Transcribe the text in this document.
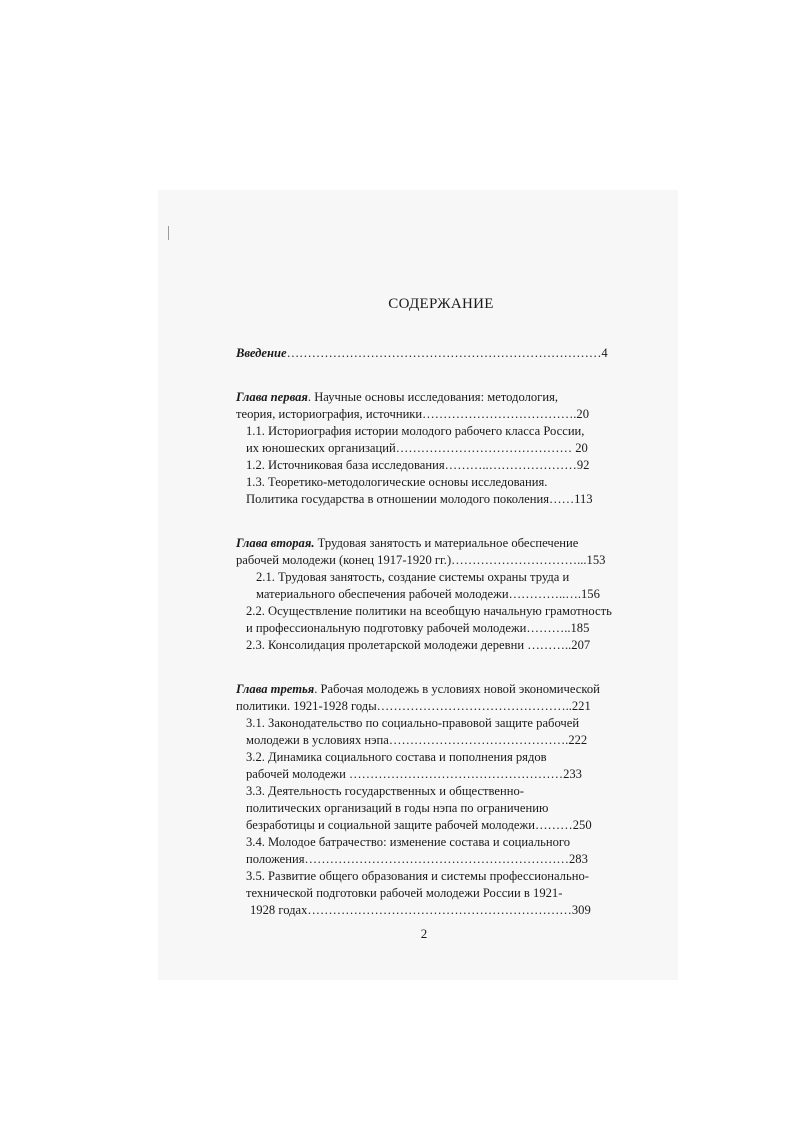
СОДЕРЖАНИЕ
Введение…………………………………………………………………4
Глава первая. Научные основы исследования: методология,
теория, историография, источники……………………………….20
1.1. Историография истории молодого рабочего класса России,
их юношеских организаций…………………………………… 20
1.2. Источниковая база исследования………..…………………92
1.3. Теоретико-методологические основы исследования.
Политика государства в отношении молодого поколения……113
Глава вторая. Трудовая занятость и материальное обеспечение
рабочей молодежи (конец 1917-1920 гг.)…………………………...153
2.1. Трудовая занятость, создание системы охраны труда и
материального обеспечения рабочей молодежи…………..….156
2.2. Осуществление политики на всеобщую начальную грамотность
и профессиональную подготовку рабочей молодежи………..185
2.3. Консолидация пролетарской молодежи деревни ………..207
Глава третья. Рабочая молодежь в условиях новой экономической
политики. 1921-1928 годы………………………………………..221
3.1. Законодательство по социально-правовой защите рабочей
молодежи в условиях нэпа…………………………………….222
3.2. Динамика социального состава и пополнения рядов
рабочей молодежи ……………………………………………233
3.3. Деятельность государственных и общественно-
политических организаций в годы нэпа по ограничению
безработицы и социальной защите рабочей молодежи………250
3.4. Молодое батрачество: изменение состава и социального
положения………………………………………………………283
3.5. Развитие общего образования и системы профессионально-
технической подготовки рабочей молодежи России в 1921-
1928 годах………………………………………………………309
2
